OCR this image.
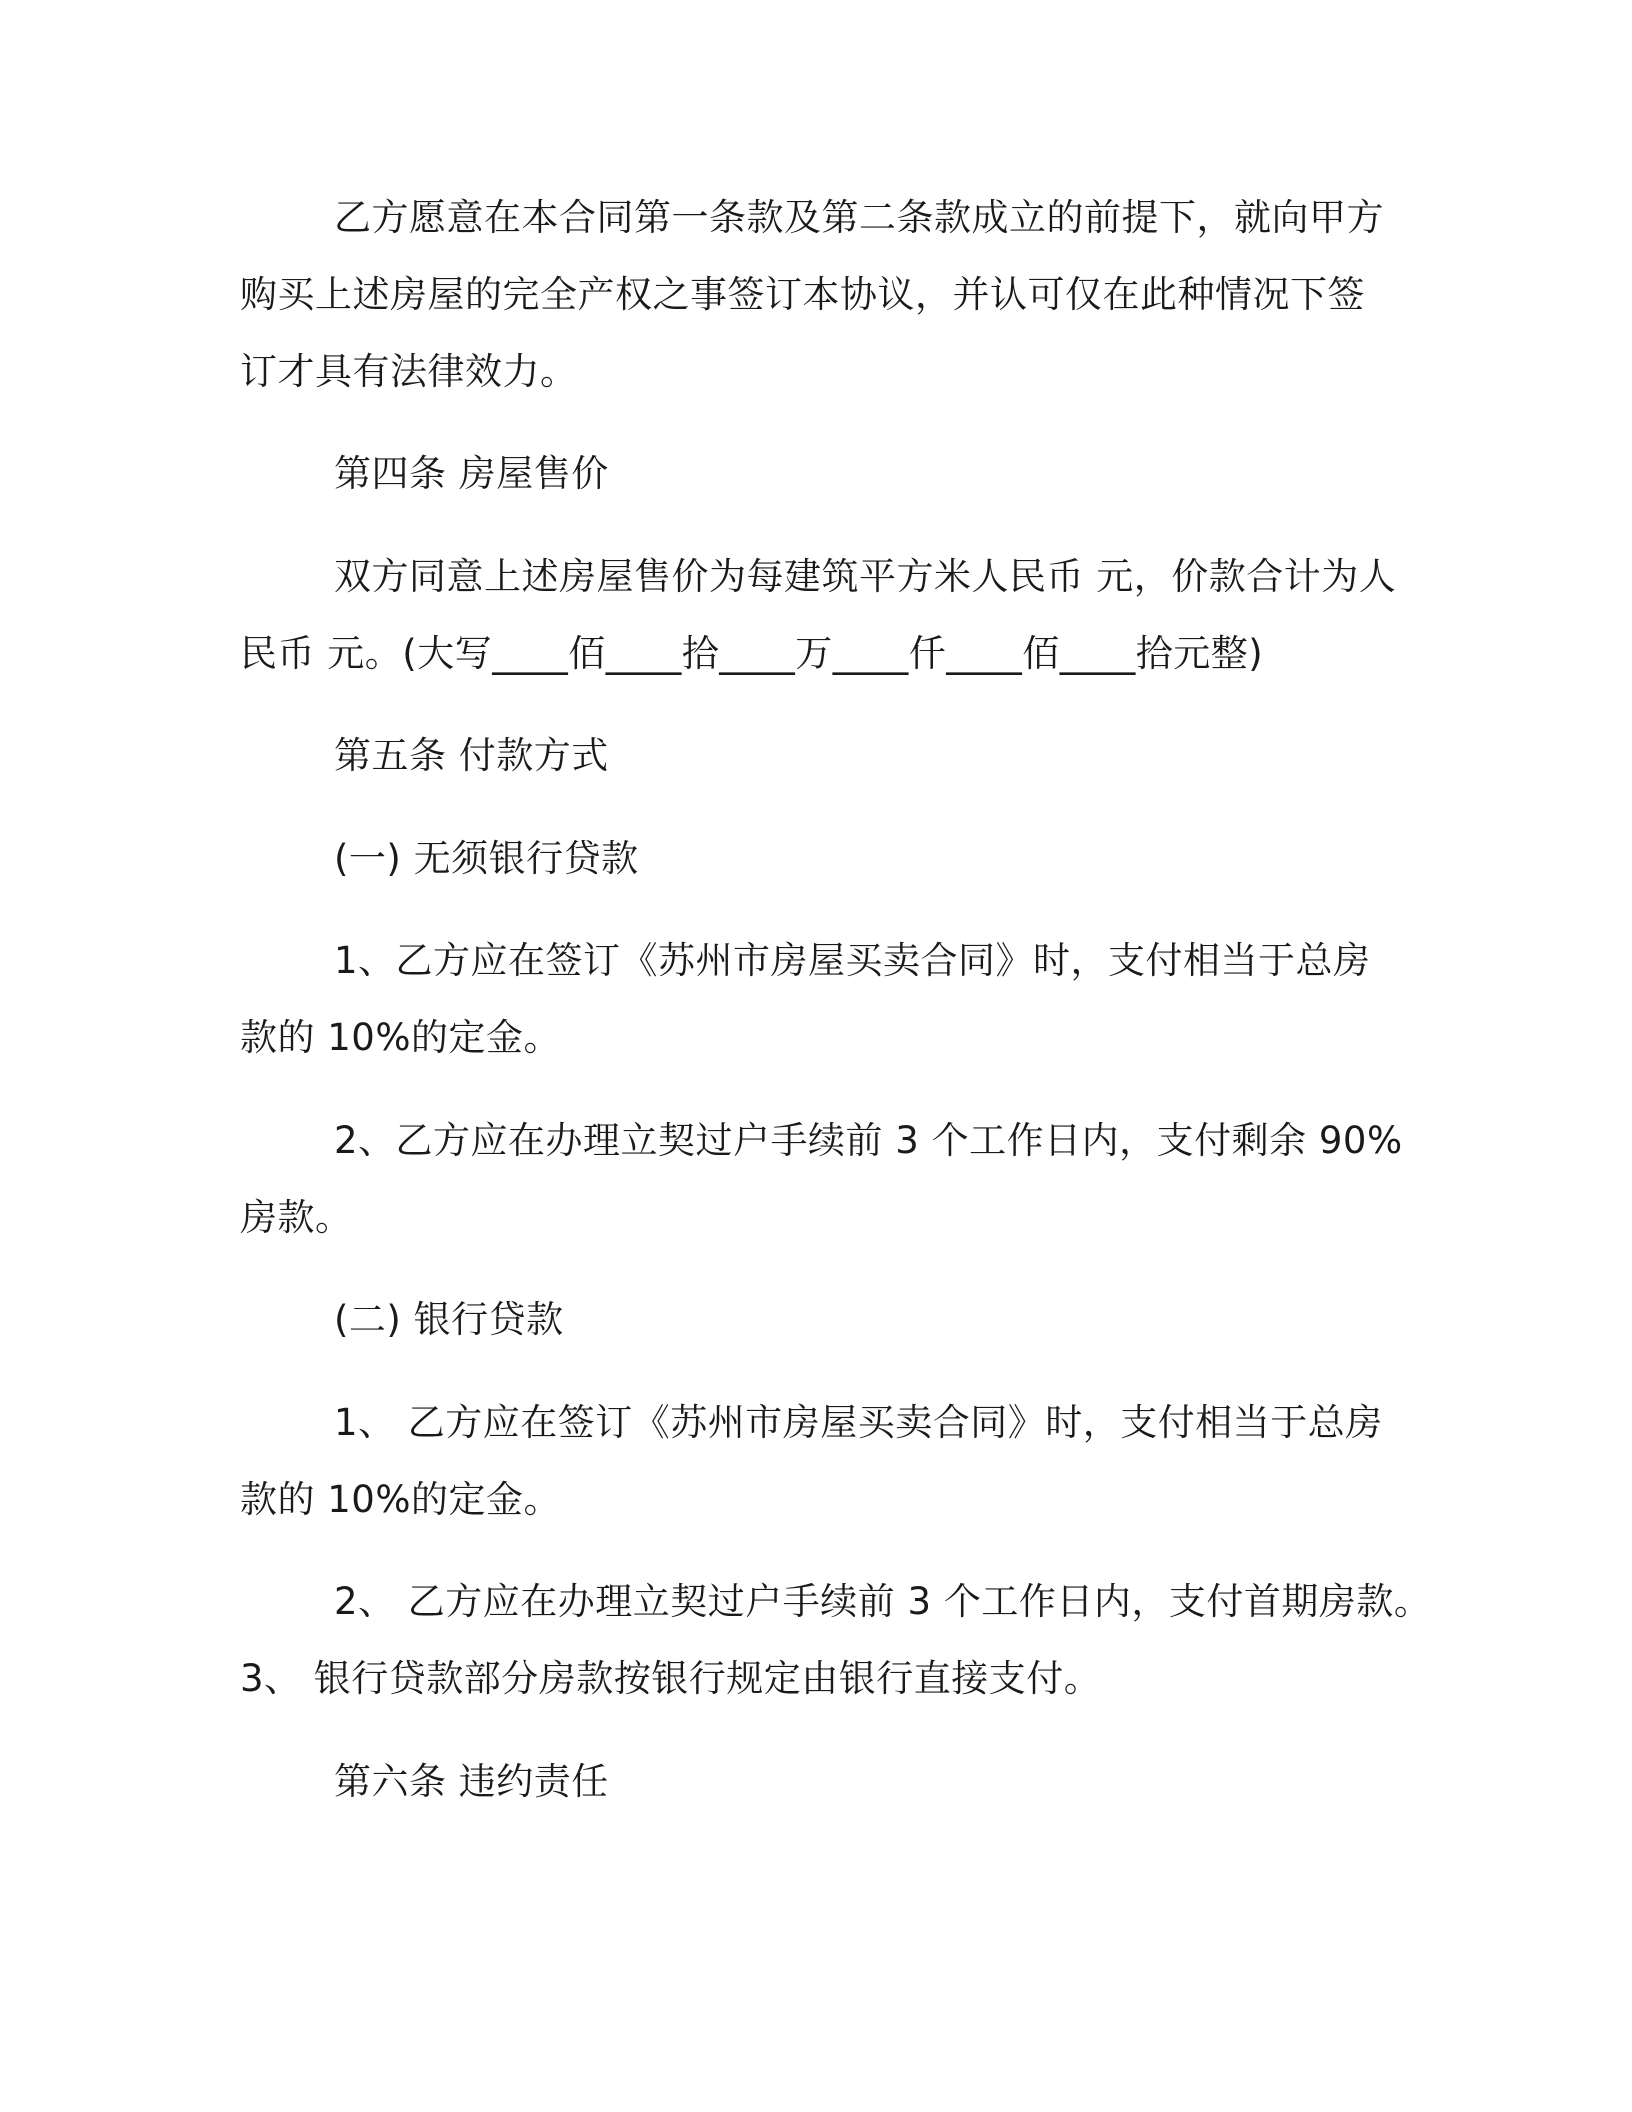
乙方愿意在本合同第一条款及第二条款成立的前提下，就向甲方
购买上述房屋的完全产权之事签订本协议，并认可仅在此种情况下签
订才具有法律效力。
第四条 房屋售价
双方同意上述房屋售价为每建筑平方米人民币 元，价款合计为人
民币 元。(大写____佰____拾____万____仟____佰____拾元整)
第五条 付款方式
(一) 无须银行贷款
1、乙方应在签订《苏州市房屋买卖合同》时，支付相当于总房
款的 10%的定金。
2、乙方应在办理立契过户手续前 3 个工作日内，支付剩余 90%
房款。
(二) 银行贷款
1、 乙方应在签订《苏州市房屋买卖合同》时，支付相当于总房
款的 10%的定金。
2、 乙方应在办理立契过户手续前 3 个工作日内，支付首期房款。
3、 银行贷款部分房款按银行规定由银行直接支付。
第六条 违约责任
